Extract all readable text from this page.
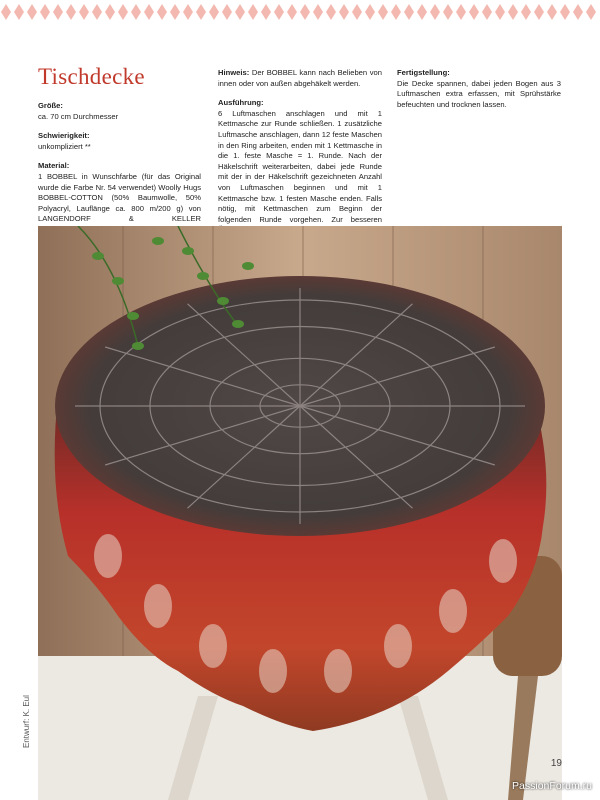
Tischdecke

Größe:
ca. 70 cm Durchmesser

Schwierigkeit:
unkompliziert **

Material:
1 BOBBEL in Wunschfarbe (für das Original wurde die Farbe Nr. 54 verwendet) Woolly Hugs BOBBEL-COTTON (50% Baumwolle, 50% Polyacryl, Lauflänge ca. 800 m/200 g) von LANGENDORF & KELLER

Hinweis: Der BOBBEL kann nach Belieben von innen oder von außen abgehäkelt werden.

Ausführung:
6 Luftmaschen anschlagen und mit 1 Kettmasche zur Runde schließen. 1 zusätzliche Luftmasche anschlagen, dann 12 feste Maschen in den Ring arbeiten, enden mit 1 Kettmasche in die 1. feste Masche = 1. Runde. Nach der Häkelschrift weiterarbeiten, dabei jede Runde mit der in der Häkelschrift gezeichneten Anzahl von Luftmaschen beginnen und mit 1 Kettmasche bzw. 1 festen Masche enden. Falls nötig, mit Kettmaschen zum Beginn der folgenden Runde vorgehen. Zur besseren

Fertigstellung:
Die Decke spannen, dabei jeden Bogen aus 3 Luftmaschen extra erfassen, mit Sprühstärke befeuchten und trocknen lassen.

Entwurf: K. Eul
19
PassionForum.ru
